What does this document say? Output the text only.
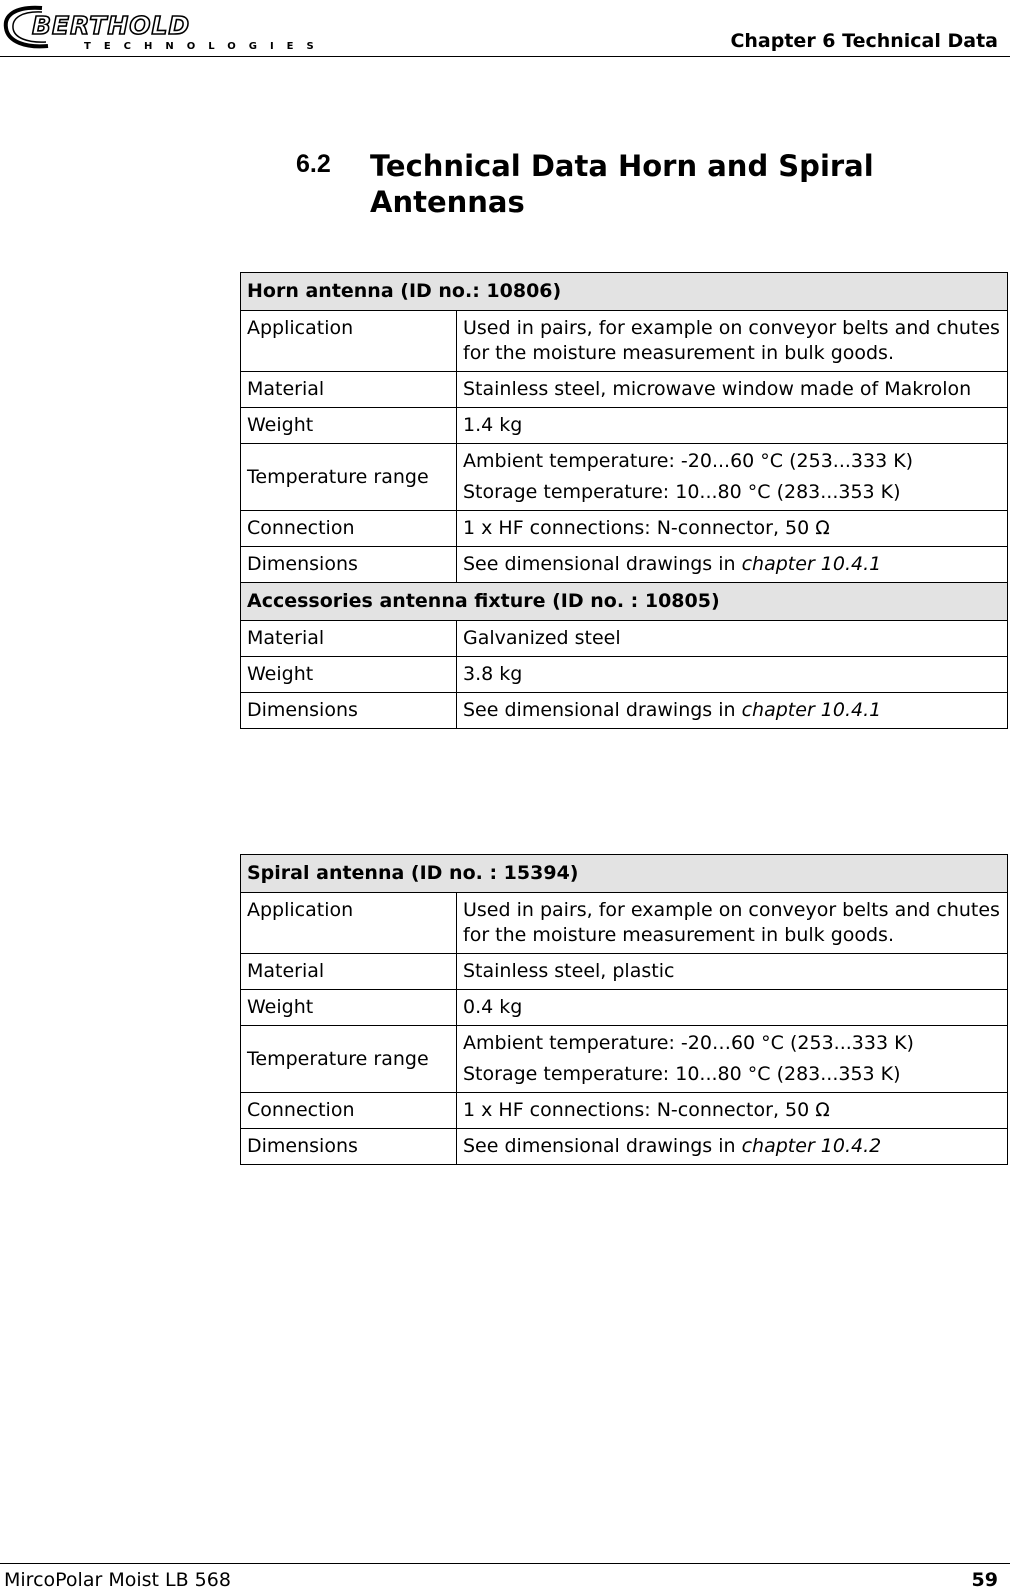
BERTHOLD
TECHNOLOGIES	Chapter 6 Technical Data
6.2 Technical Data Horn and Spiral Antennas
Horn antenna (ID no.: 10806)	
Application	Used in pairs, for example on conveyor belts and chutes for the moisture measurement in bulk goods.
Material	Stainless steel, microwave window made of Makrolon
Weight	1.4 kg
Temperature range	Ambient temperature: -20...60 °C (253...333 K)
Storage temperature: 10...80 °C (283...353 K)

Connection	1 x HF connections: N-connector, 50 Ω
Dimensions	See dimensional drawings in chapter 10.4.1
Accessories antenna fixture (ID no. : 10805)	
Material	Galvanized steel
Weight	3.8 kg
Dimensions	See dimensional drawings in chapter 10.4.1
Spiral antenna (ID no. : 15394)	
Application	Used in pairs, for example on conveyor belts and chutes for the moisture measurement in bulk goods.
Material	Stainless steel, plastic
Weight	0.4 kg
Temperature range	Ambient temperature: -20…60 °C (253...333 K)
Storage temperature: 10...80 °C (283...353 K)

Connection	1 x HF connections: N-connector, 50 Ω
Dimensions	See dimensional drawings in chapter 10.4.2
MircoPolar Moist LB 568	59
